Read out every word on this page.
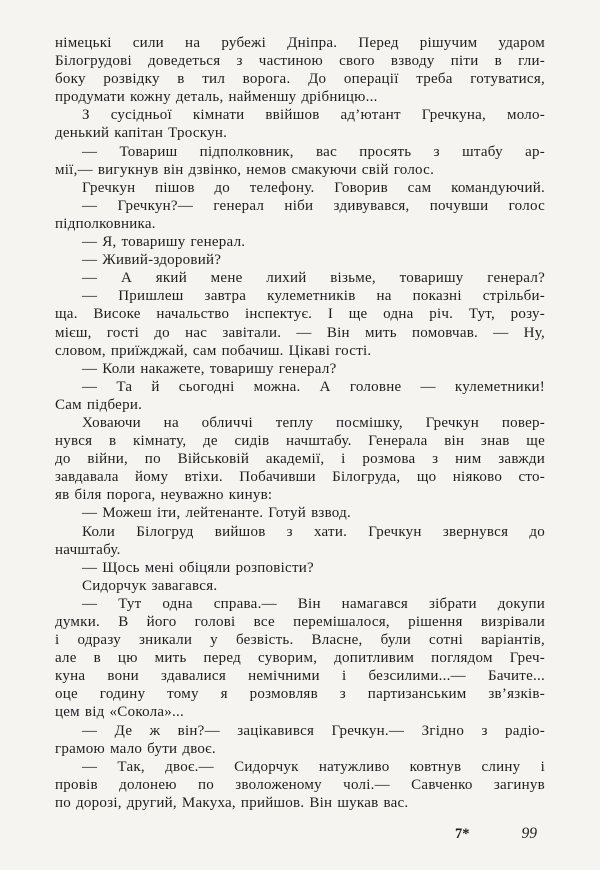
німецькі сили на рубежі Дніпра. Перед рішучим ударом
Білогрудові доведеться з частиною свого взводу піти в гли-
боку розвідку в тил ворога. До операції треба готуватися,
продумати кожну деталь, найменшу дрібницю...
З сусідньої кімнати ввійшов ад’ютант Гречкуна, моло-
денький капітан Троскун.
— Товариш підполковник, вас просять з штабу ар-
мії,— вигукнув він дзвінко, немов смакуючи свій голос.
Гречкун пішов до телефону. Говорив сам командуючий.
— Гречкун?— генерал ніби здивувався, почувши голос
підполковника.
— Я, товаришу генерал.
— Живий-здоровий?
— А який мене лихий візьме, товаришу генерал?
— Пришлеш завтра кулеметників на показні стрільби-
ща. Високе начальство інспектує. І ще одна річ. Тут, розу-
мієш, гості до нас завітали. — Він мить помовчав. — Ну,
словом, приїжджай, сам побачиш. Цікаві гості.
— Коли накажете, товаришу генерал?
— Та й сьогодні можна. А головне — кулеметники!
Сам підбери.
Ховаючи на обличчі теплу посмішку, Гречкун повер-
нувся в кімнату, де сидів начштабу. Генерала він знав ще
до війни, по Військовій академії, і розмова з ним завжди
завдавала йому втіхи. Побачивши Білогруда, що ніяково сто-
яв біля порога, неуважно кинув:
— Можеш іти, лейтенанте. Готуй взвод.
Коли Білогруд вийшов з хати. Гречкун звернувся до
начштабу.
— Щось мені обіцяли розповісти?
Сидорчук завагався.
— Тут одна справа.— Він намагався зібрати докупи
думки. В його голові все перемішалося, рішення визрівали
і одразу зникали у безвість. Власне, були сотні варіантів,
але в цю мить перед суворим, допитливим поглядом Греч-
куна вони здавалися немічними і безсилими...— Бачите...
оце годину тому я розмовляв з партизанським зв’язків-
цем від «Сокола»...
— Де ж він?— зацікавився Гречкун.— Згідно з радіо-
грамою мало бути двоє.
— Так, двоє.— Сидорчук натужливо ковтнув слину і
провів долонею по зволоженому чолі.— Савченко загинув
по дорозі, другий, Макуха, прийшов. Він шукав вас.
7*	99
